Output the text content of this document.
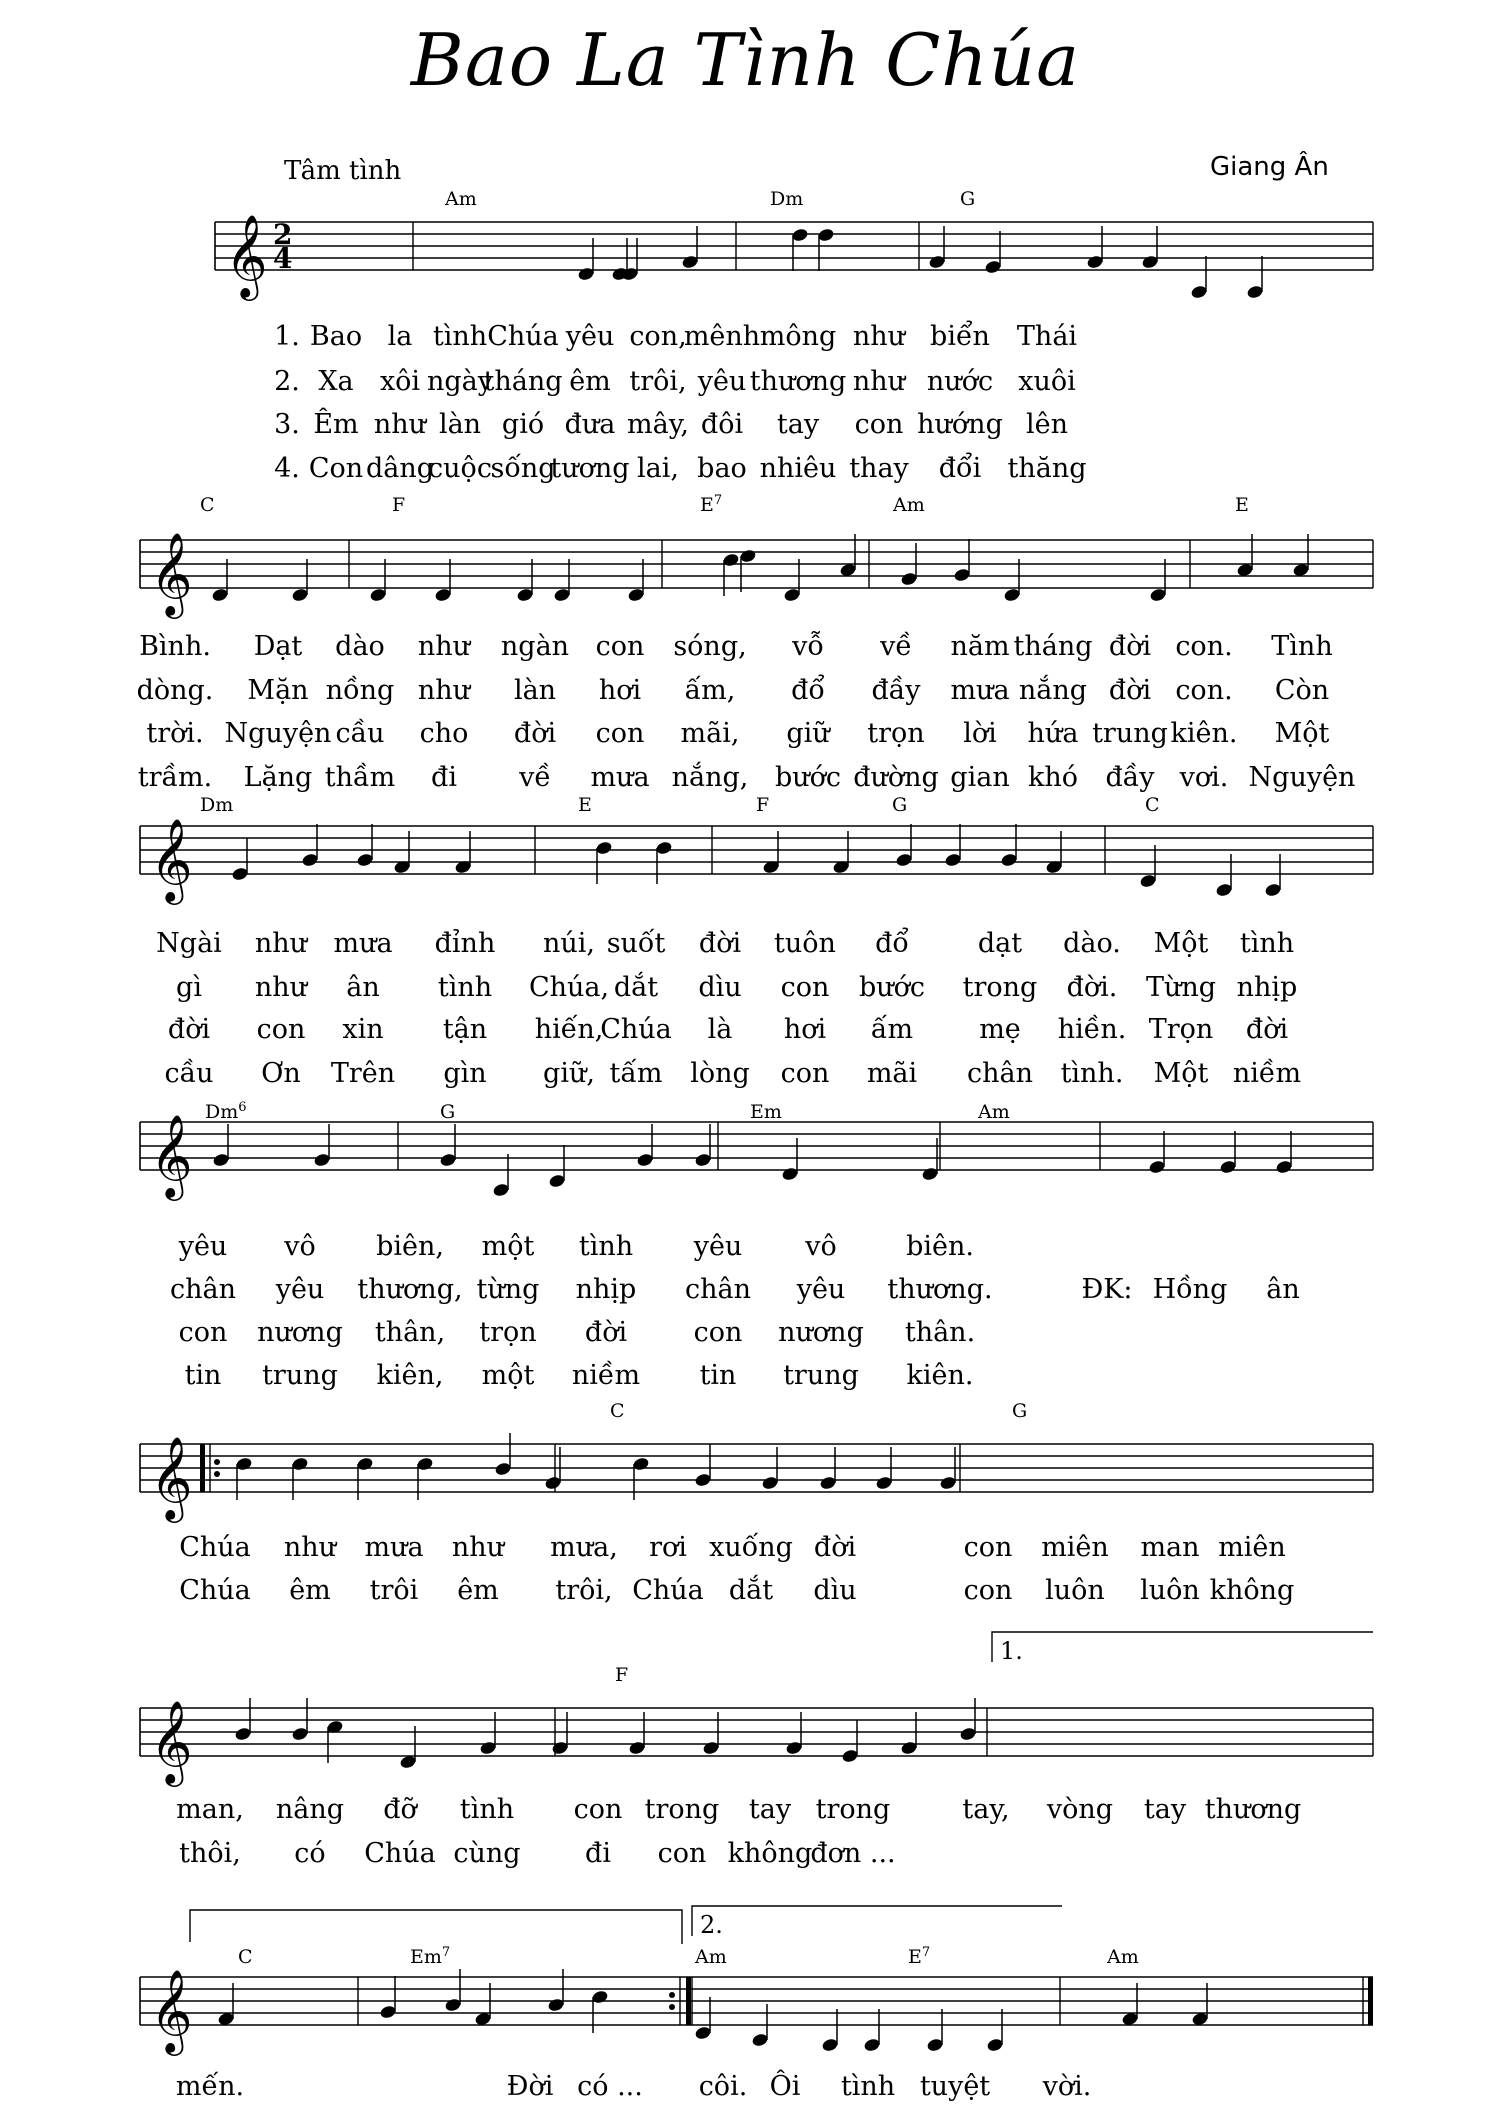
Bao La Tình Chúa
Tâm tình	Giang Ân
𝄞 2
4
Am	Dm	G
1. Bao la tình Chúa yêu con,
mênh mông như biển Thái
2. Xa xôi ngày
tháng êm trôi, yêu thương như nước xuôi
3. Êm như làn gió đưa mây, đôi tay con hướng lên
4. Con dâng
cuộc
sống
tương lai, bao nhiêu thay đổi thăng
𝄞
C	F	$E^7$	Am	E
Bình. Dạt dào như ngàn con sóng, vỗ về năm tháng đời con. Tình
dòng. Mặn nồng như làn hơi ấm, đổ đầy mưa nắng đời con. Còn
trời. Nguyện cầu cho đời con mãi, giữ trọn lời hứa trung kiên. Một
trầm. Lặng thầm đi về mưa nắng, bước đường gian khó đầy vơi. Nguyện
𝄞
Dm	E	F	G	C
Ngài như mưa đỉnh núi, suốt đời tuôn đổ	dạt dào. Một tình
gì như ân tình Chúa, dắt dìu con bước trong đời. Từng nhịp
đời con xin tận hiến,
Chúa là hơi ấm mẹ hiền. Trọn đời
cầu Ơn Trên gìn giữ, tấm lòng con mãi chân tình. Một niềm
𝄞
Dm$^6$	G	Em	Am
yêu vô biên, một tình yêu vô	biên.
chân yêu thương, từng nhịp chân yêu thương.	ĐK: Hồng ân
con nương thân, trọn đời con nương thân.
tin trung kiên, một niềm tin trung kiên.
𝄞
C	G
Chúa như mưa như mưa, rơi xuống đời	con miên man miên
Chúa êm trôi êm trôi, Chúa dắt dìu	con luôn luôn không
𝄞
1.
F
man, nâng đỡ tình con trong tay trong	tay, vòng tay thương
thôi, có Chúa cùng đi con không
đơn ...
𝄞
2.
C	Em$^7$	Am	$E^7$	Am
mến.	Đời có ... côi. Ôi tình tuyệt vời.
